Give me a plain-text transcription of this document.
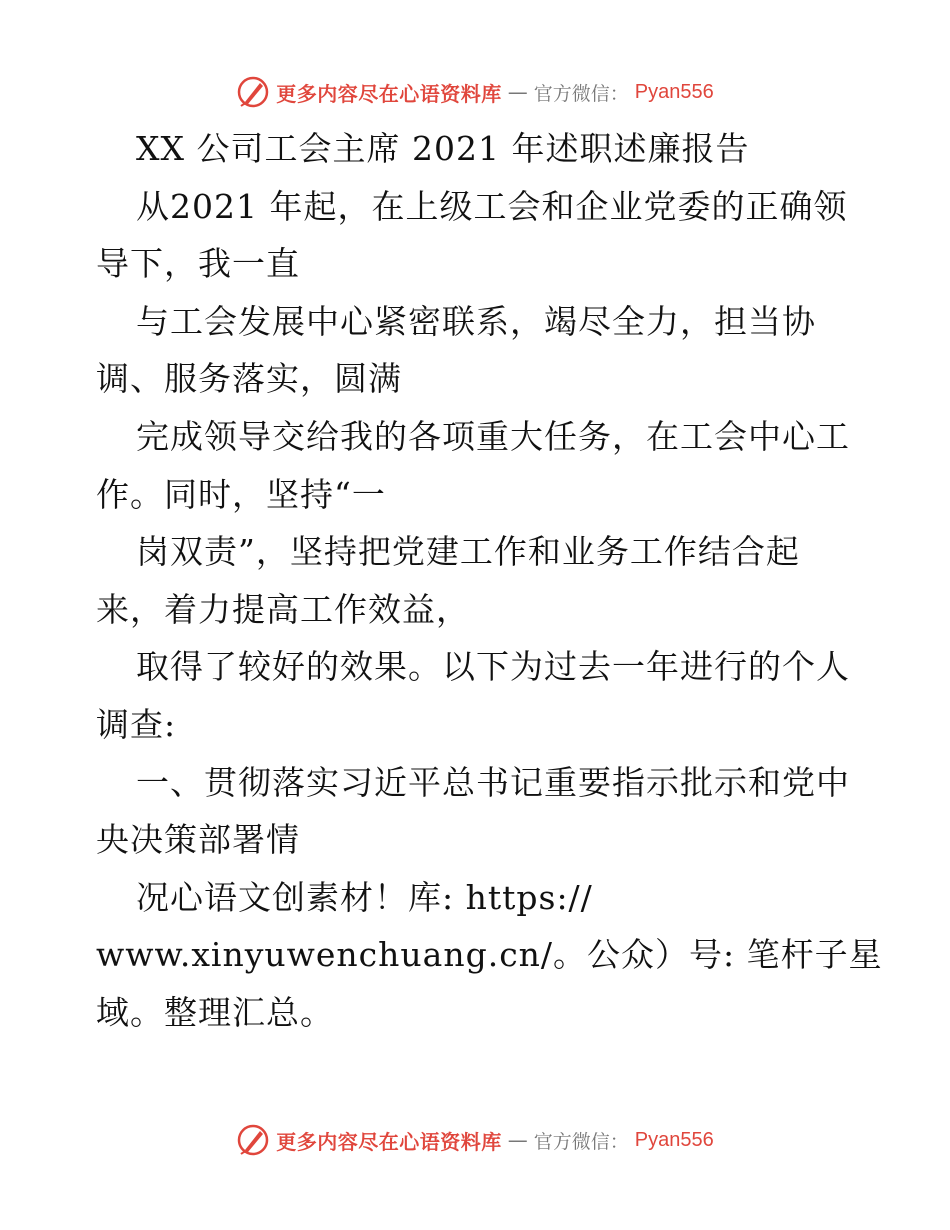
更多内容尽在心语资料库 — 官方微信： Pyan556
XX 公司工会主席 2021 年述职述廉报告
从2021 年起，在上级工会和企业党委的正确领
导下，我一直
与工会发展中心紧密联系，竭尽全力，担当协
调、服务落实，圆满
完成领导交给我的各项重大任务，在工会中心工
作。同时，坚持“一
岗双责”，坚持把党建工作和业务工作结合起
来，着力提高工作效益，
取得了较好的效果。以下为过去一年进行的个人
调查:
一、贯彻落实习近平总书记重要指示批示和党中
央决策部署情
况心语文创素材！库: https://
www.xinyuwenchuang.cn/。公众）号: 笔杆子星
域。整理汇总。
更多内容尽在心语资料库 — 官方微信： Pyan556
